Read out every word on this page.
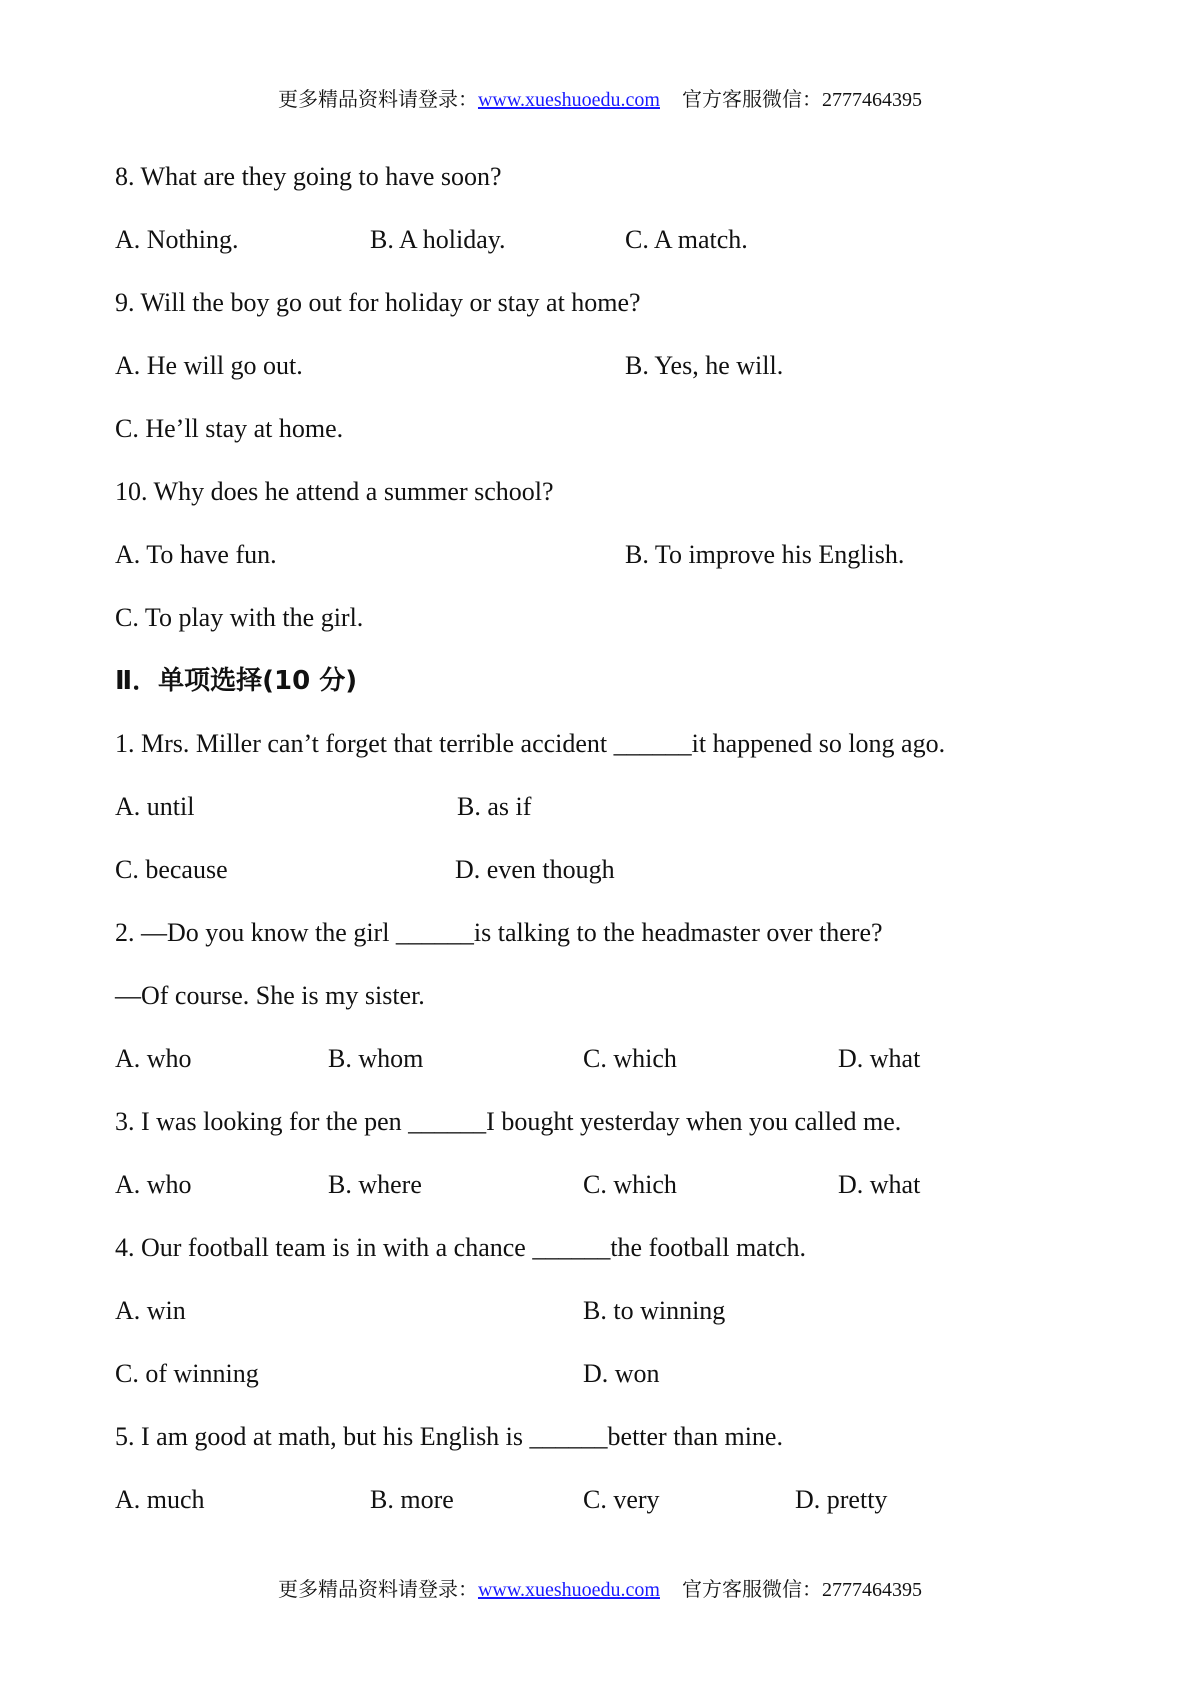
更多精品资料请登录：www.xueshuoedu.com 官方客服微信：2777464395
8. What are they going to have soon?
A. Nothing.	B. A holiday.	C. A match.
9. Will the boy go out for holiday or stay at home?
A. He will go out.	B. Yes, he will.
C. He’ll stay at home.
10. Why does he attend a summer school?
A. To have fun.	B. To improve his English.
C. To play with the girl.
Ⅱ．单项选择(10 分)
1. Mrs. Miller can’t forget that terrible accident ______it happened so long ago.
A. until	B. as if
C. because	D. even though
2. —Do you know the girl ______is talking to the headmaster over there?
—Of course. She is my sister.
A. who	B. whom	C. which	D. what
3. I was looking for the pen ______I bought yesterday when you called me.
A. who	B. where	C. which	D. what
4. Our football team is in with a chance ______the football match.
A. win	B. to winning
C. of winning	D. won
5. I am good at math, but his English is ______better than mine.
A. much	B. more	C. very	D. pretty
更多精品资料请登录：www.xueshuoedu.com 官方客服微信：2777464395
